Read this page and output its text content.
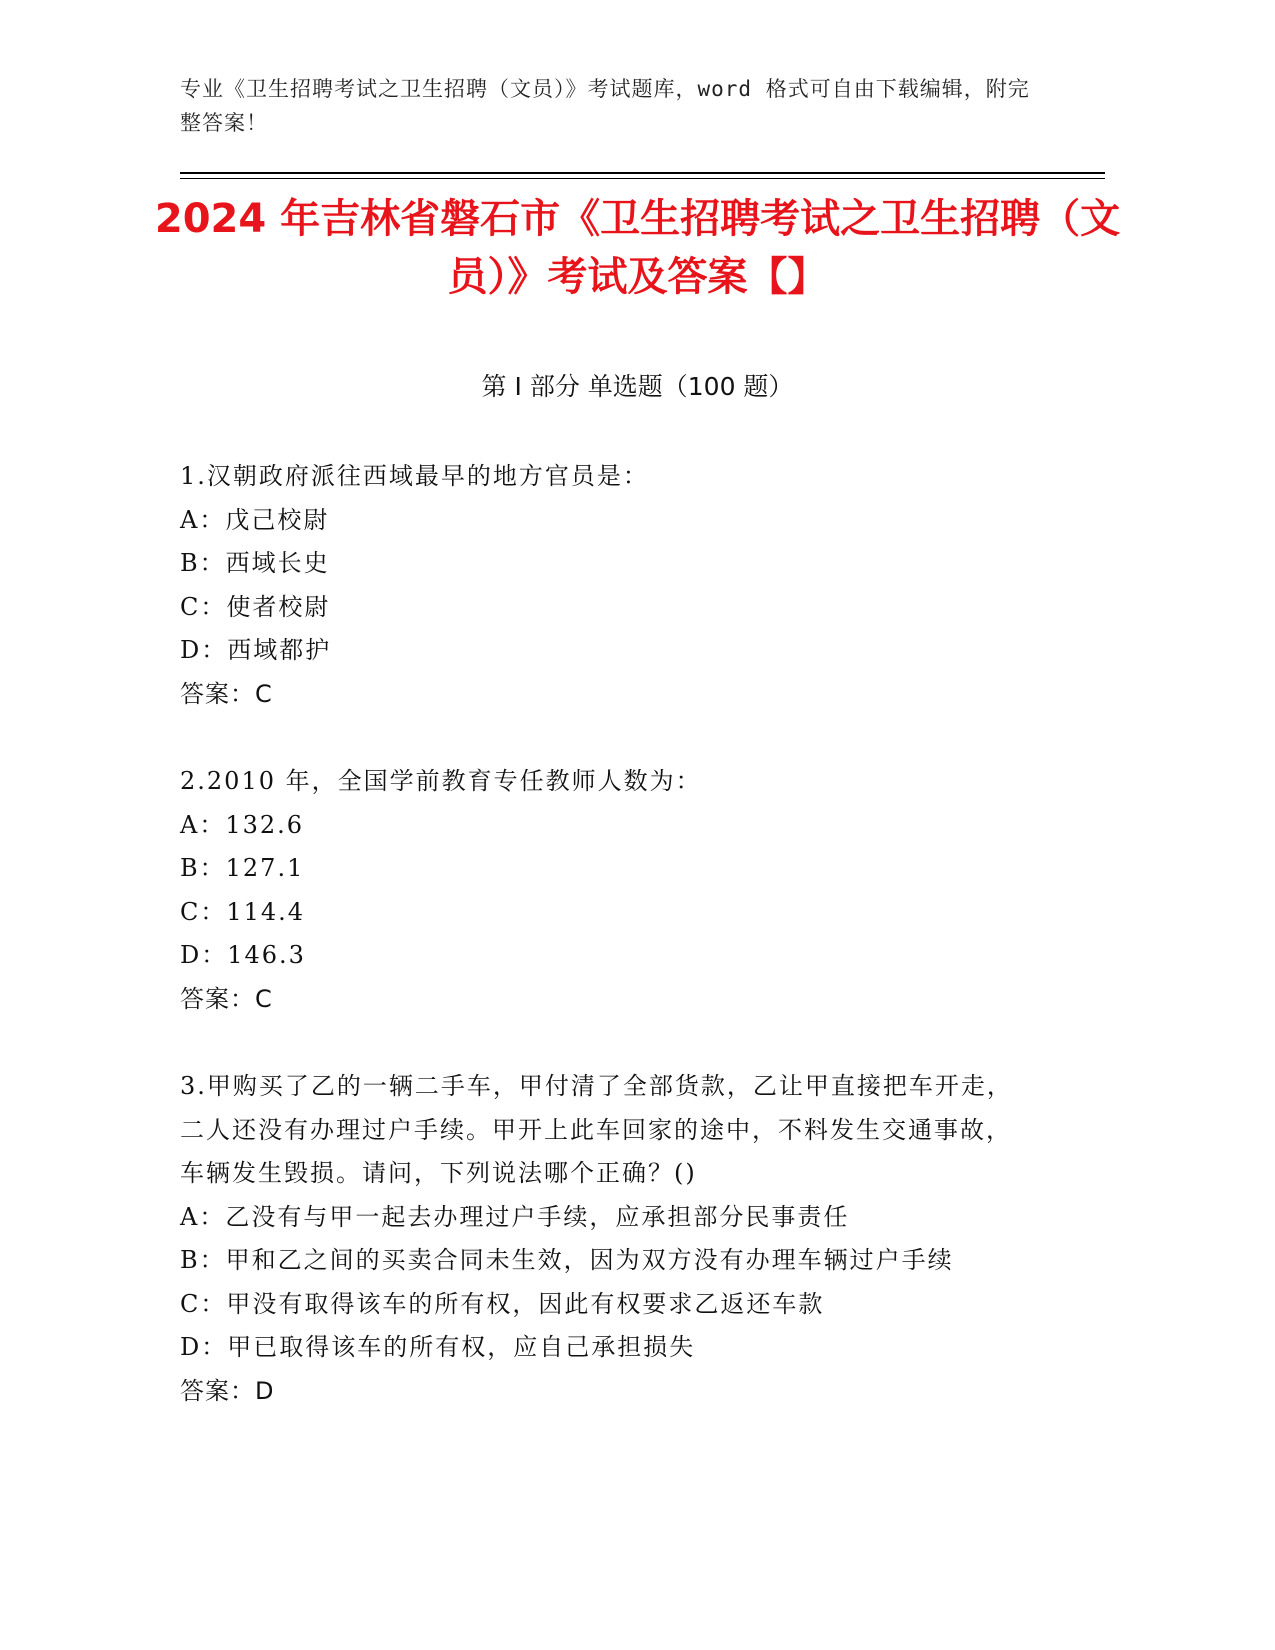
专业《卫生招聘考试之卫生招聘（文员）》考试题库，word 格式可自由下载编辑，附完整答案！
2024 年吉林省磐石市《卫生招聘考试之卫生招聘（文员）》考试及答案【】
第 I 部分 单选题（100 题）
1.汉朝政府派往西域最早的地方官员是：
A：戊己校尉
B：西域长史
C：使者校尉
D：西域都护
答案：C
2.2010 年，全国学前教育专任教师人数为：
A：132.6
B：127.1
C：114.4
D：146.3
答案：C
3.甲购买了乙的一辆二手车，甲付清了全部货款，乙让甲直接把车开走，二人还没有办理过户手续。甲开上此车回家的途中，不料发生交通事故，车辆发生毁损。请问，下列说法哪个正确？()
A：乙没有与甲一起去办理过户手续，应承担部分民事责任
B：甲和乙之间的买卖合同未生效，因为双方没有办理车辆过户手续
C：甲没有取得该车的所有权，因此有权要求乙返还车款
D：甲已取得该车的所有权，应自己承担损失
答案：D
